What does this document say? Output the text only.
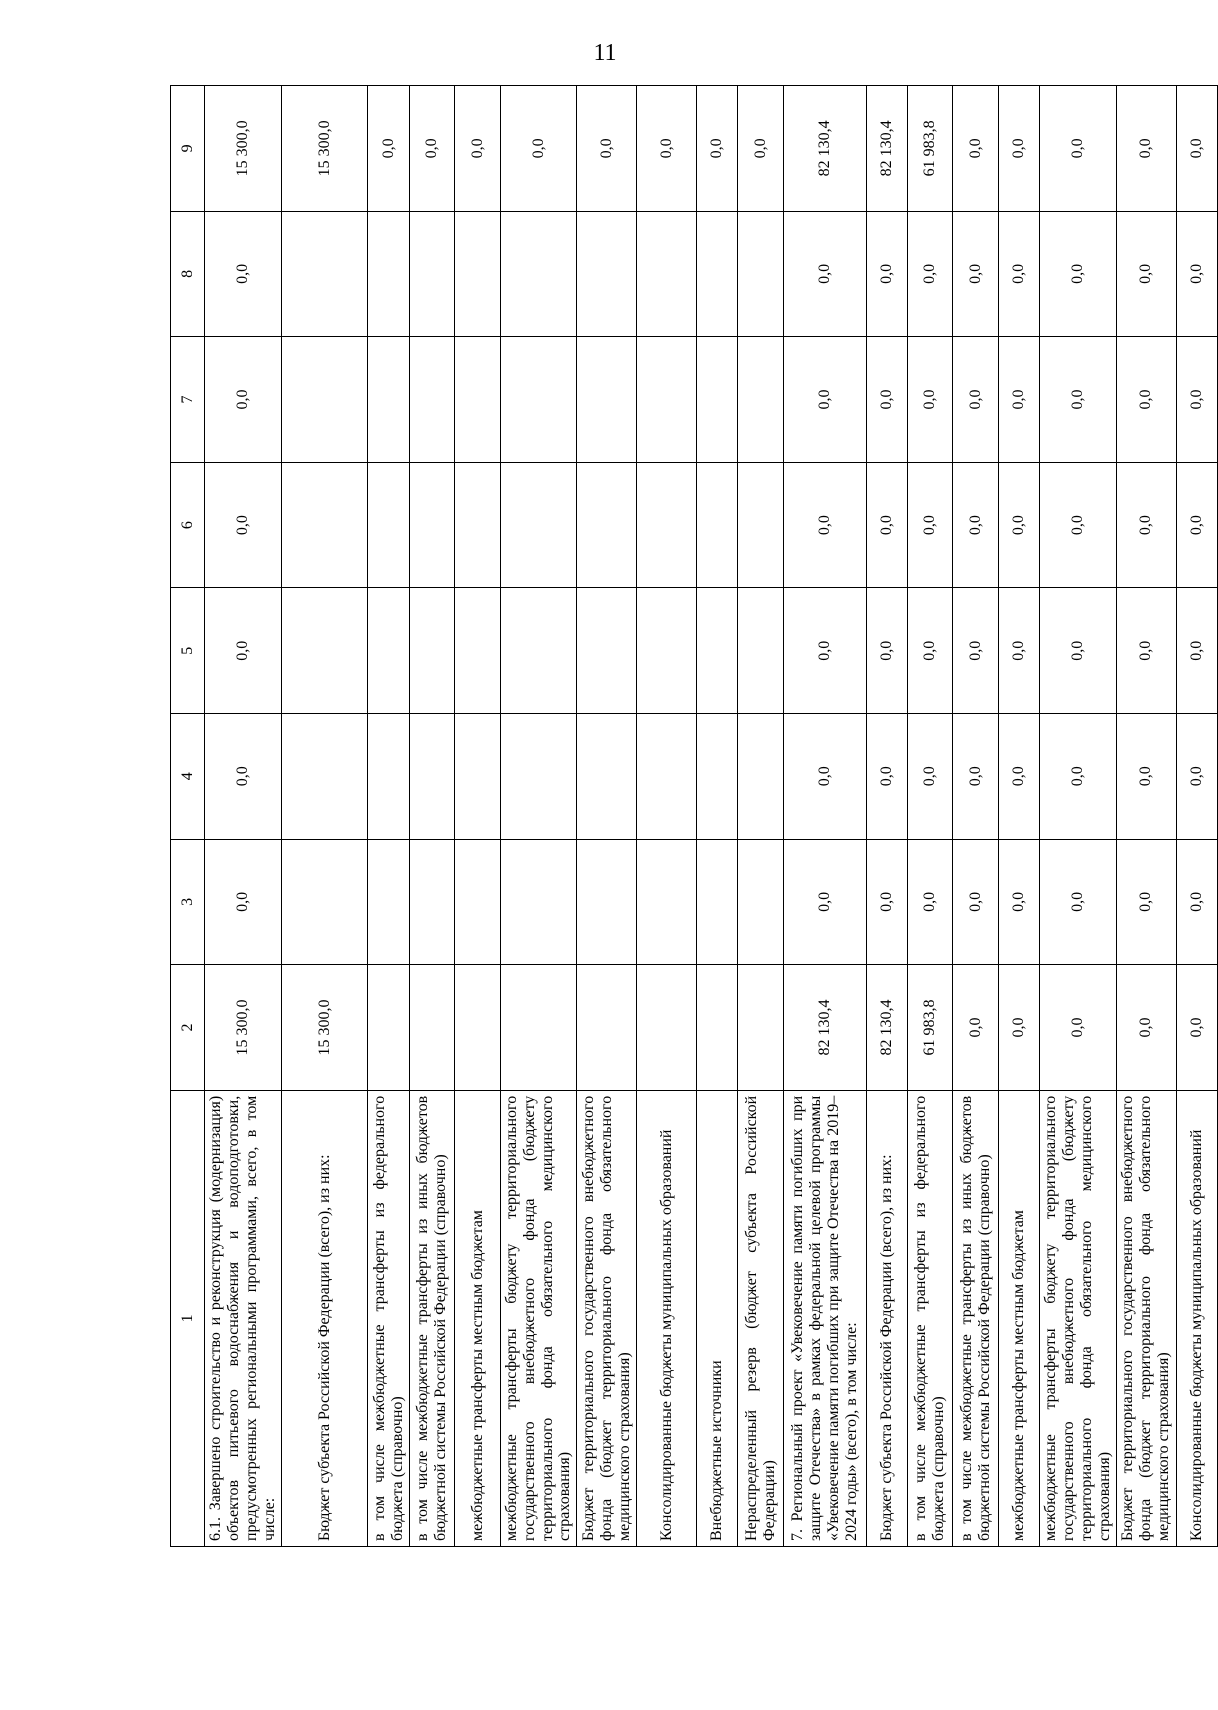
11
1	2	3	4	5	6	7	8	9
6.1. Завершено строительство и реконструкция (модернизация) объектов питьевого водоснабжения и водоподготовки, предусмотренных региональными программами, всего, в том числе:	15 300,0	0,0	0,0	0,0	0,0	0,0	0,0	15 300,0
Бюджет субъекта Российской Федерации (всего), из них:	15 300,0							15 300,0
в том числе межбюджетные трансферты из федерального бюджета (справочно)								0,0
в том числе межбюджетные трансферты из иных бюджетов бюджетной системы Российской Федерации (справочно)								0,0
межбюджетные трансферты местным бюджетам								0,0
межбюджетные трансферты бюджету территориального государственного внебюджетного фонда (бюджету территориального фонда обязательного медицинского страхования)								0,0
Бюджет территориального государственного внебюджетного фонда (бюджет территориального фонда обязательного медицинского страхования)								0,0
Консолидированные бюджеты муниципальных образований								0,0
Внебюджетные источники								0,0
Нераспределенный резерв (бюджет субъекта Российской Федерации)								0,0
7. Региональный проект «Увековечение памяти погибших при защите Отечества» в рамках федеральной целевой программы «Увековечение памяти погибших при защите Отечества на 2019–2024 годы» (всего), в том числе:	82 130,4	0,0	0,0	0,0	0,0	0,0	0,0	82 130,4
Бюджет субъекта Российской Федерации (всего), из них:	82 130,4	0,0	0,0	0,0	0,0	0,0	0,0	82 130,4
в том числе межбюджетные трансферты из федерального бюджета (справочно)	61 983,8	0,0	0,0	0,0	0,0	0,0	0,0	61 983,8
в том числе межбюджетные трансферты из иных бюджетов бюджетной системы Российской Федерации (справочно)	0,0	0,0	0,0	0,0	0,0	0,0	0,0	0,0
межбюджетные трансферты местным бюджетам	0,0	0,0	0,0	0,0	0,0	0,0	0,0	0,0
межбюджетные трансферты бюджету территориального государственного внебюджетного фонда (бюджету территориального фонда обязательного медицинского страхования)	0,0	0,0	0,0	0,0	0,0	0,0	0,0	0,0
Бюджет территориального государственного внебюджетного фонда (бюджет территориального фонда обязательного медицинского страхования)	0,0	0,0	0,0	0,0	0,0	0,0	0,0	0,0
Консолидированные бюджеты муниципальных образований	0,0	0,0	0,0	0,0	0,0	0,0	0,0	0,0
